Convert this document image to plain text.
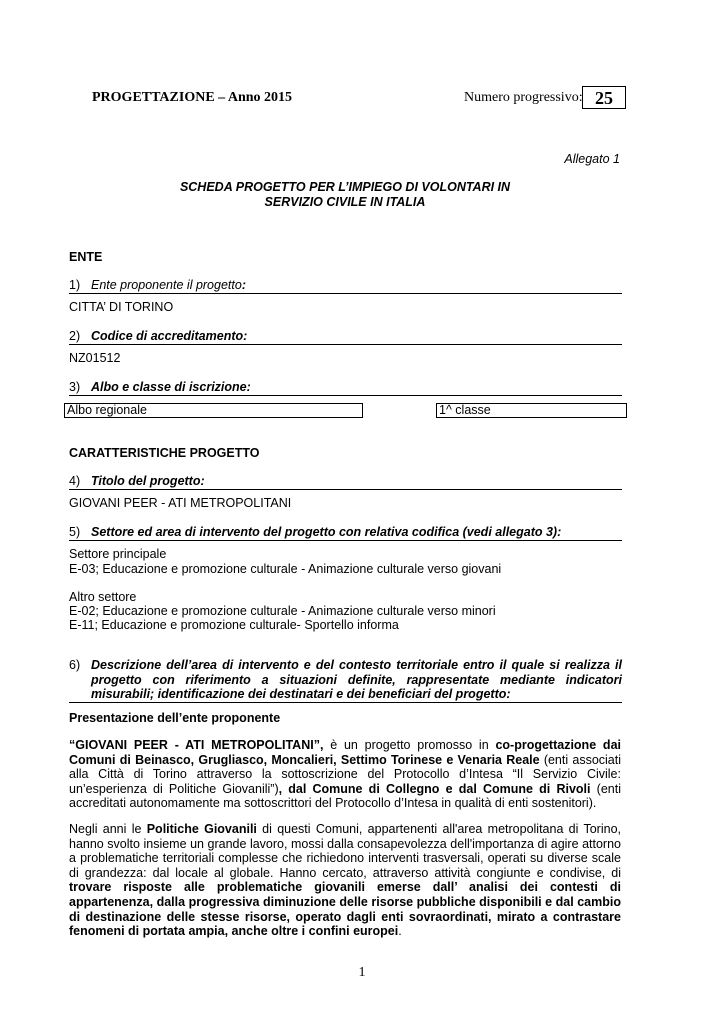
PROGETTAZIONE – Anno 2015	Numero progressivo: 25
Allegato 1
SCHEDA PROGETTO PER L’IMPIEGO DI VOLONTARI IN
SERVIZIO CIVILE IN ITALIA
ENTE
1) Ente proponente il progetto:
CITTA’ DI TORINO
2) Codice di accreditamento:
NZ01512
3) Albo e classe di iscrizione:
Albo regionale	1^ classe
CARATTERISTICHE PROGETTO
4) Titolo del progetto:
GIOVANI PEER - ATI METROPOLITANI
5) Settore ed area di intervento del progetto con relativa codifica (vedi allegato 3):
Settore principale
E-03; Educazione e promozione culturale - Animazione culturale verso giovani
Altro settore
E-02; Educazione e promozione culturale - Animazione culturale verso minori
E-11; Educazione e promozione culturale- Sportello informa
6) Descrizione dell’area di intervento e del contesto territoriale entro il quale si realizza il progetto con riferimento a situazioni definite, rappresentate mediante indicatori misurabili; identificazione dei destinatari e dei beneficiari del progetto:
Presentazione dell’ente proponente
“GIOVANI PEER - ATI METROPOLITANI”, è un progetto promosso in co-progettazione dai Comuni di Beinasco, Grugliasco, Moncalieri, Settimo Torinese e Venaria Reale (enti associati alla Città di Torino attraverso la sottoscrizione del Protocollo d’Intesa “Il Servizio Civile: un’esperienza di Politiche Giovanili”), dal Comune di Collegno e dal Comune di Rivoli (enti accreditati autonomamente ma sottoscrittori del Protocollo d’Intesa in qualità di enti sostenitori).
Negli anni le Politiche Giovanili di questi Comuni, appartenenti all'area metropolitana di Torino, hanno svolto insieme un grande lavoro, mossi dalla consapevolezza dell'importanza di agire attorno a problematiche territoriali complesse che richiedono interventi trasversali, operati su diverse scale di grandezza: dal locale al globale. Hanno cercato, attraverso attività congiunte e condivise, di trovare risposte alle problematiche giovanili emerse dall’ analisi dei contesti di appartenenza, dalla progressiva diminuzione delle risorse pubbliche disponibili e dal cambio di destinazione delle stesse risorse, operato dagli enti sovraordinati, mirato a contrastare fenomeni di portata ampia, anche oltre i confini europei.
1
